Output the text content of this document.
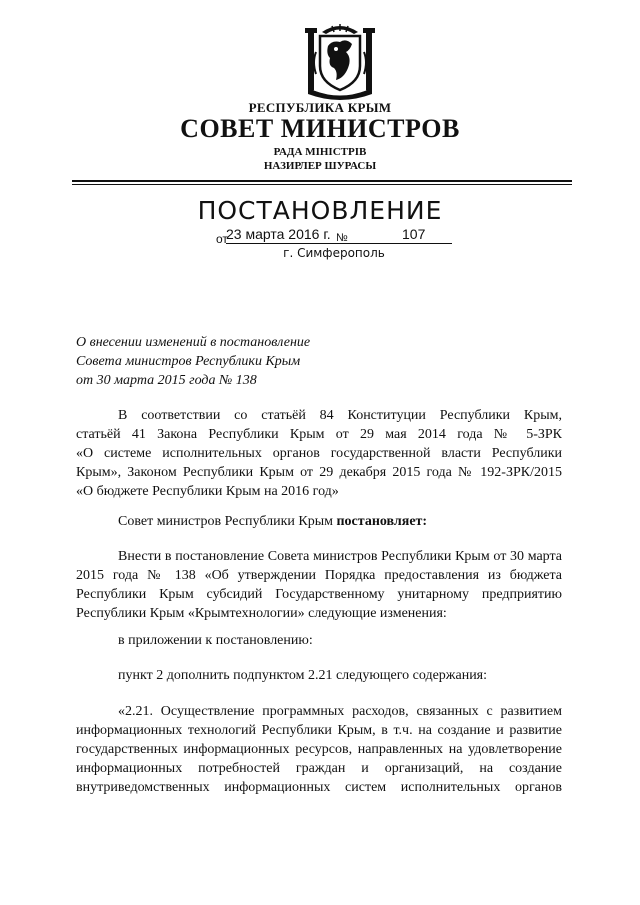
РЕСПУБЛИКА КРЫМ
СОВЕТ МИНИСТРОВ
РАДА МІНІСТРІВ
НАЗИРЛЕР ШУРАСЫ
ПОСТАНОВЛЕНИЕ
от
23 марта 2016 г. №	107
г. Симферополь
О внесении изменений в постановление
Совета министров Республики Крым
от 30 марта 2015 года № 138
В соответствии со статьёй 84 Конституции Республики Крым,
статьёй 41 Закона Республики Крым от 29 мая 2014 года № 5-ЗРК
«О системе исполнительных органов государственной власти Республики
Крым», Законом Республики Крым от 29 декабря 2015 года № 192-ЗРК/2015
«О бюджете Республики Крым на 2016 год»
Совет министров Республики Крым постановляет:
Внести в постановление Совета министров Республики Крым от 30 марта
2015 года № 138 «Об утверждении Порядка предоставления из бюджета
Республики Крым субсидий Государственному унитарному предприятию
Республики Крым «Крымтехнологии» следующие изменения:
в приложении к постановлению:
пункт 2 дополнить подпунктом 2.21 следующего содержания:
«2.21. Осуществление программных расходов, связанных с развитием
информационных технологий Республики Крым, в т.ч. на создание и развитие
государственных информационных ресурсов, направленных на удовлетворение
информационных потребностей граждан и организаций, на создание
внутриведомственных информационных систем исполнительных органов
